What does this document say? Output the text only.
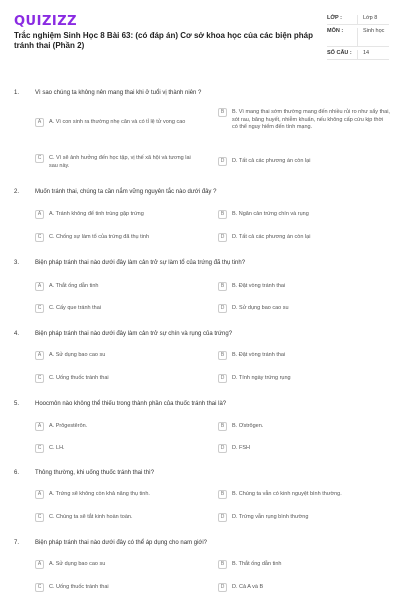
QUIZIZZ
Trắc nghiệm Sinh Học 8 Bài 63: (có đáp án) Cơ sở khoa học của các biện pháp tránh thai (Phần 2)
LỚP :	Lớp 8
MÔN :	Sinh học
SỐ CÂU :	14
1.	Vì sao chúng ta không nên mang thai khi ở tuổi vị thành niên ?
A	A. Vì con sinh ra thường nhẹ cân và có tỉ lệ tử vong cao
B	B. Vì mang thai sớm thường mang đến nhiều rủi ro như sẩy thai, sót rau, băng huyết, nhiễm khuẩn, nếu không cấp cứu kịp thời có thể nguy hiểm đến tính mạng.
C	C. Vì sẽ ảnh hưởng đến học tập, vị thế xã hội và tương lai sau này.
D	D. Tất cả các phương án còn lại
2.	Muốn tránh thai, chúng ta cần nắm vững nguyên tắc nào dưới đây ?
A	A. Tránh không để tinh trùng gặp trứng	B	B. Ngăn cản trứng chín và rụng
C	C. Chống sự làm tổ của trứng đã thụ tinh	D	D. Tất cả các phương án còn lại
3.	Biện pháp tránh thai nào dưới đây làm cản trở sự làm tổ của trứng đã thụ tinh?
A	A. Thắt ống dẫn tinh	B	B. Đặt vòng tránh thai
C	C. Cấy que tránh thai	D	D. Sử dụng bao cao su
4.	Biện pháp tránh thai nào dưới đây làm cản trở sự chín và rụng của trứng?
A	A. Sử dụng bao cao su	B	B. Đặt vòng tránh thai
C	C. Uống thuốc tránh thai	D	D. Tính ngày trứng rụng
5.	Hoocmôn nào không thể thiếu trong thành phần của thuốc tránh thai là?
A	A. Prôgestêrôn.	B	B. Ơstrôgen.
C	C. LH.	D	D. FSH
6.	Thông thường, khi uống thuốc tránh thai thì?
A	A. Trứng sẽ không còn khả năng thụ tinh.	B	B. Chúng ta vẫn có kinh nguyệt bình thường.
C	C. Chúng ta sẽ tắt kinh hoàn toàn.	D	D. Trứng vẫn rụng bình thường
7.	Biện pháp tránh thai nào dưới đây có thể áp dụng cho nam giới?
A	A. Sử dụng bao cao su	B	B. Thắt ống dẫn tinh
C	C. Uống thuốc tránh thai	D	D. Cả A và B
